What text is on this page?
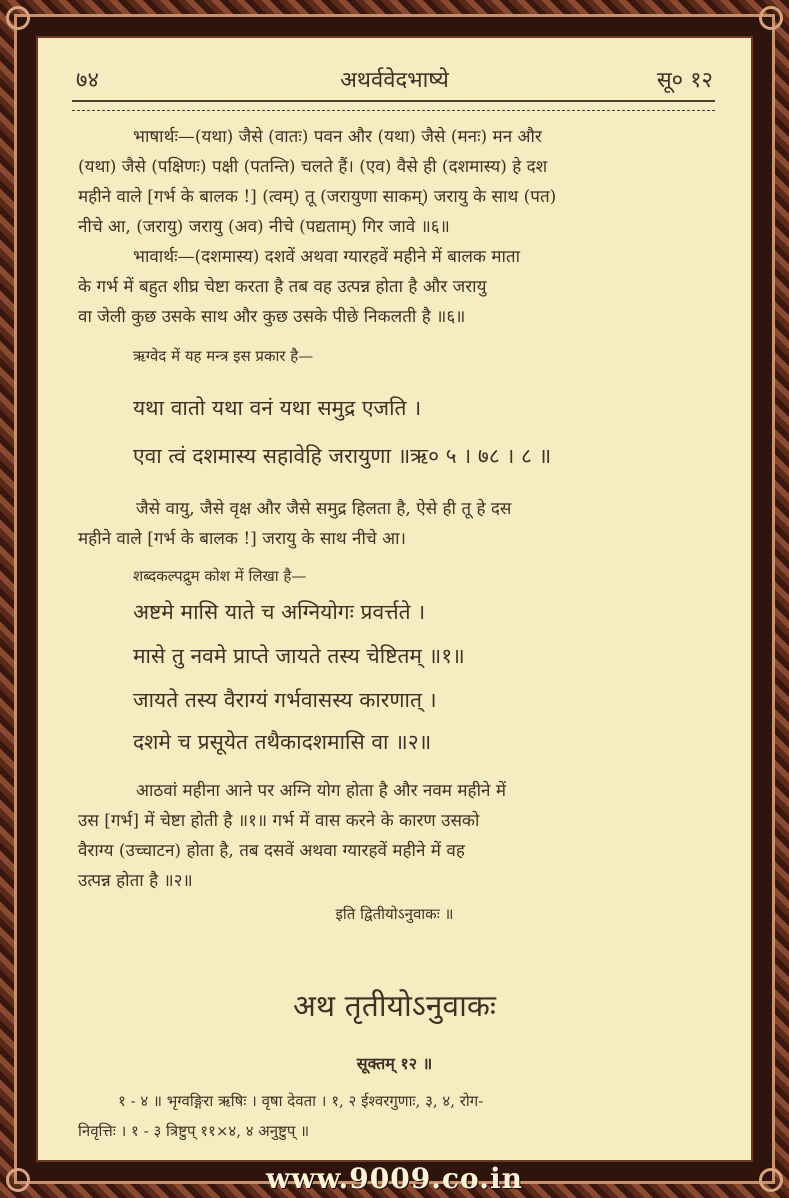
७४	अथर्ववेदभाष्ये	सू० १२
भाषार्थः—(यथा) जैसे (वातः) पवन और (यथा) जैसे (मनः) मन और
(यथा) जैसे (पक्षिणः) पक्षी (पतन्ति) चलते हैं। (एव) वैसे ही (दशमास्य) हे दश
महीने वाले [गर्भ के बालक !] (त्वम्) तू (जरायुणा साकम्) जरायु के साथ (पत)
नीचे आ, (जरायु) जरायु (अव) नीचे (पद्यताम्) गिर जावे ॥६॥
भावार्थः—(दशमास्य) दशवें अथवा ग्यारहवें महीने में बालक माता
के गर्भ में बहुत शीघ्र चेष्टा करता है तब वह उत्पन्न होता है और जरायु
वा जेली कुछ उसके साथ और कुछ उसके पीछे निकलती है ॥६॥
ऋग्वेद में यह मन्त्र इस प्रकार है—
यथा वातो यथा वनं यथा समुद्र एजति ।
एवा त्वं दशमास्य सहावेहि जरायुणा ॥ऋ० ५ । ७८ । ८ ॥
जैसे वायु, जैसे वृक्ष और जैसे समुद्र हिलता है, ऐसे ही तू हे दस
महीने वाले [गर्भ के बालक !] जरायु के साथ नीचे आ।
शब्दकल्पद्रुम कोश में लिखा है—
अष्टमे मासि याते च अग्नियोगः प्रवर्त्तते ।
मासे तु नवमे प्राप्ते जायते तस्य चेष्टितम् ॥१॥
जायते तस्य वैराग्यं गर्भवासस्य कारणात् ।
दशमे च प्रसूयेत तथैकादशमासि वा ॥२॥
आठवां महीना आने पर अग्नि योग होता है और नवम महीने में
उस [गर्भ] में चेष्टा होती है ॥१॥ गर्भ में वास करने के कारण उसको
वैराग्य (उच्चाटन) होता है, तब दसवें अथवा ग्यारहवें महीने में वह
उत्पन्न होता है ॥२॥
इति द्वितीयोऽनुवाकः ॥
अथ तृतीयोऽनुवाकः
सूक्तम् १२ ॥
१ - ४ ॥ भृग्वङ्गिरा ऋषिः । वृषा देवता । १, २ ईश्वरगुणाः, ३, ४, रोग-
निवृत्तिः । १ - ३ त्रिष्टुप् ११×४, ४ अनुष्टुप् ॥
www.9009.co.in
